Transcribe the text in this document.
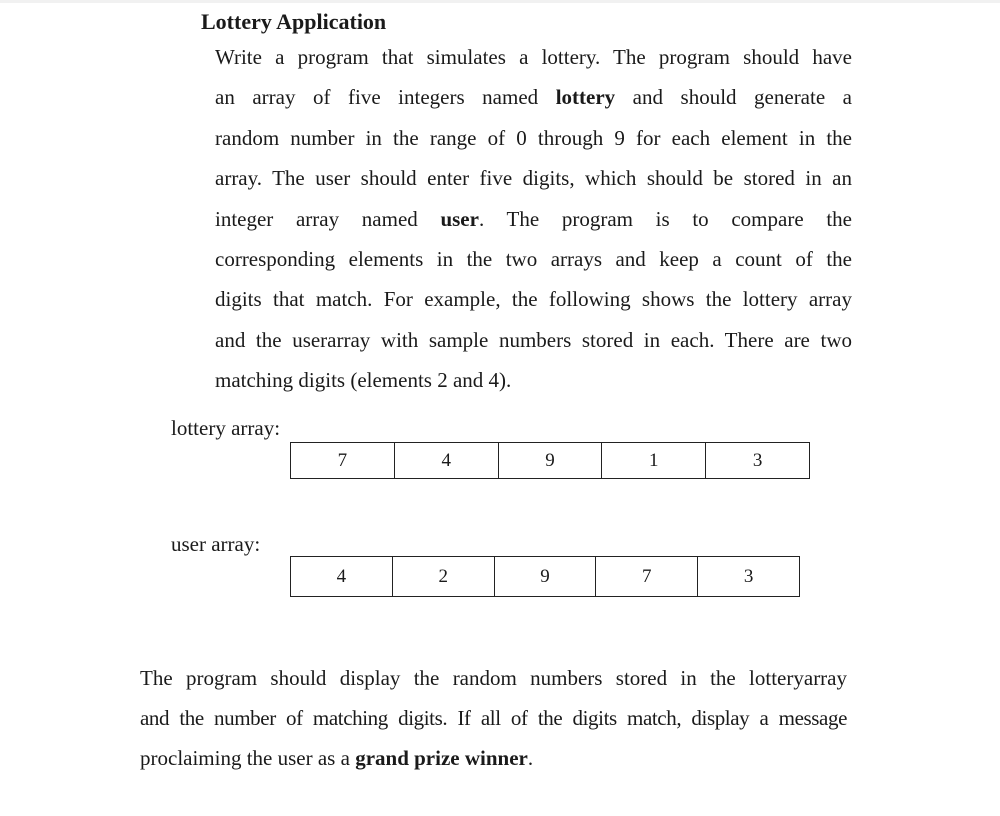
Lottery Application
Write a program that simulates a lottery. The program should have
an array of five integers named lottery and should generate a
random number in the range of 0 through 9 for each element in the
array. The user should enter five digits, which should be stored in an
integer array named user. The program is to compare the
corresponding elements in the two arrays and keep a count of the
digits that match. For example, the following shows the lottery array
and the userarray with sample numbers stored in each. There are two
matching digits (elements 2 and 4).
lottery array:
7	4	9	1	3
user array:
4	2	9	7	3
The program should display the random numbers stored in the lotteryarray
and the number of matching digits. If all of the digits match, display a message
proclaiming the user as a grand prize winner.
